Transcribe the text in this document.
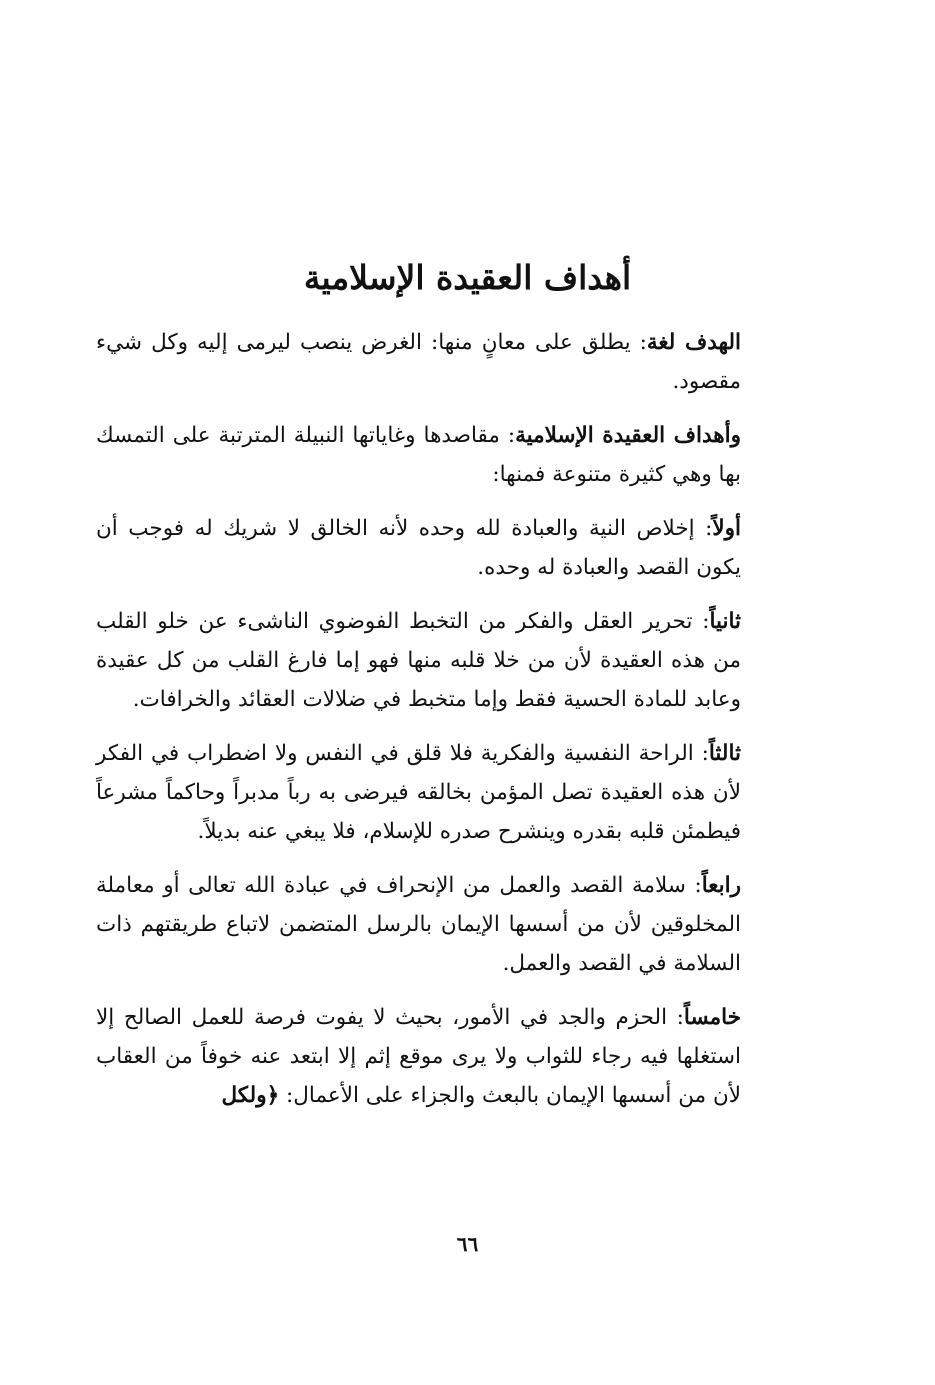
أهداف العقيدة الإسلامية

الهدف لغة: يطلق على معانٍ منها: الغرض ينصب ليرمى إليه وكل شيء مقصود.

وأهداف العقيدة الإسلامية: مقاصدها وغاياتها النبيلة المترتبة على التمسك بها وهي كثيرة متنوعة فمنها:

أولاً: إخلاص النية والعبادة لله وحده لأنه الخالق لا شريك له فوجب أن يكون القصد والعبادة له وحده.

ثانياً: تحرير العقل والفكر من التخبط الفوضوي الناشىء عن خلو القلب من هذه العقيدة لأن من خلا قلبه منها فهو إما فارغ القلب من كل عقيدة وعابد للمادة الحسية فقط وإما متخبط في ضلالات العقائد والخرافات.

ثالثاً: الراحة النفسية والفكرية فلا قلق في النفس ولا اضطراب في الفكر لأن هذه العقيدة تصل المؤمن بخالقه فيرضى به رباً مدبراً وحاكماً مشرعاً فيطمئن قلبه بقدره وينشرح صدره للإسلام، فلا يبغي عنه بديلاً.

رابعاً: سلامة القصد والعمل من الإنحراف في عبادة الله تعالى أو معاملة المخلوقين لأن من أسسها الإيمان بالرسل المتضمن لاتباع طريقتهم ذات السلامة في القصد والعمل.

خامساً: الحزم والجد في الأمور، بحيث لا يفوت فرصة للعمل الصالح إلا استغلها فيه رجاء للثواب ولا يرى موقع إثم إلا ابتعد عنه خوفاً من العقاب لأن من أسسها الإيمان بالبعث والجزاء على الأعمال: ﴿ولكل

٦٦
